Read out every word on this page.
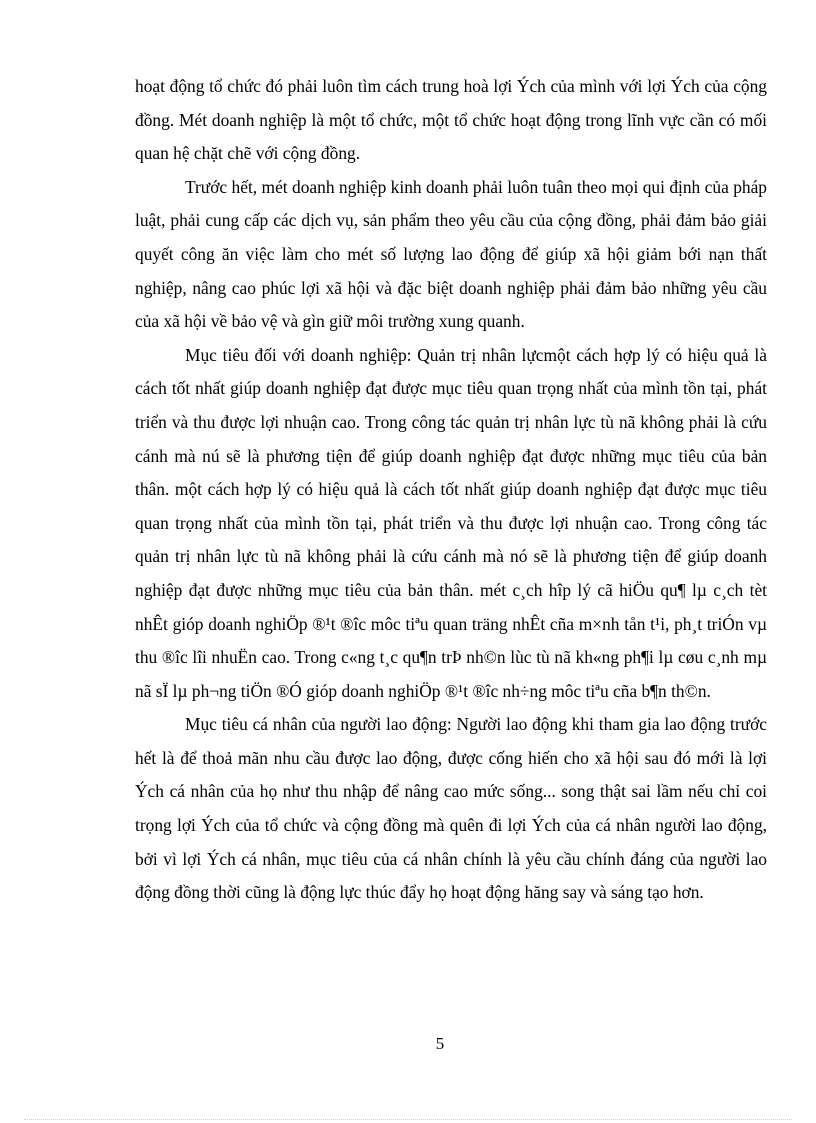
hoạt động tổ chức đó phải luôn tìm cách trung hoà lợi Ých của mình với lợi Ých của cộng đồng. Mét doanh nghiệp là một tổ chức, một tổ chức hoạt động trong lĩnh vực cần có mối quan hệ chặt chẽ với cộng đồng.

Trước hết, mét doanh nghiệp kinh doanh phải luôn tuân theo mọi qui định của pháp luật, phải cung cấp các dịch vụ, sản phẩm theo yêu cầu của cộng đồng, phải đảm bảo giải quyết công ăn việc làm cho mét số lượng lao động để giúp xã hội giảm bới nạn thất nghiệp, nâng cao phúc lợi xã hội và đặc biệt doanh nghiệp phải đảm bảo những yêu cầu của xã hội về bảo vệ và gìn giữ môi trường xung quanh.

Mục tiêu đối với doanh nghiệp: Quản trị nhân lựcmột cách hợp lý có hiệu quả là cách tốt nhất giúp doanh nghiệp đạt được mục tiêu quan trọng nhất của mình tồn tại, phát triển và thu được lợi nhuận cao. Trong công tác quản trị nhân lực tù nã không phải là cứu cánh mà nú sẽ là phương tiện để giúp doanh nghiệp đạt được những mục tiêu của bản thân. một cách hợp lý có hiệu quả là cách tốt nhất giúp doanh nghiệp đạt được mục tiêu quan trọng nhất của mình tồn tại, phát triển và thu được lợi nhuận cao. Trong công tác quản trị nhân lực tù nã không phải là cứu cánh mà nó sẽ là phương tiện để giúp doanh nghiệp đạt được những mục tiêu của bản thân. mét c¸ch hîp lý cã hiÖu qu¶ lµ c¸ch tèt nhÊt gióp doanh nghiÖp ®¹t ®îc môc tiªu quan träng nhÊt cña m×nh tån t¹i, ph¸t triÓn vµ thu ®îc lîi nhuËn cao. Trong c«ng t¸c qu¶n trÞ nh©n lùc tù nã kh«ng ph¶i lµ cøu c¸nh mµ nã sÏ lµ ph¬ng tiÖn ®Ó gióp doanh nghiÖp ®¹t ®îc nh÷ng môc tiªu cña b¶n th©n.

Mục tiêu cá nhân của người lao động: Người lao động khi tham gia lao động trước hết là để thoả mãn nhu cầu được lao động, được cống hiến cho xã hội sau đó mới là lợi Ých cá nhân của họ như thu nhập để nâng cao mức sống... song thật sai lầm nếu chỉ coi trọng lợi Ých của tổ chức và cộng đồng mà quên đi lợi Ých của cá nhân người lao động, bởi vì lợi Ých cá nhân, mục tiêu của cá nhân chính là yêu cầu chính đáng của người lao động đồng thời cũng là động lực thúc đẩy họ hoạt động hăng say và sáng tạo hơn.

5
